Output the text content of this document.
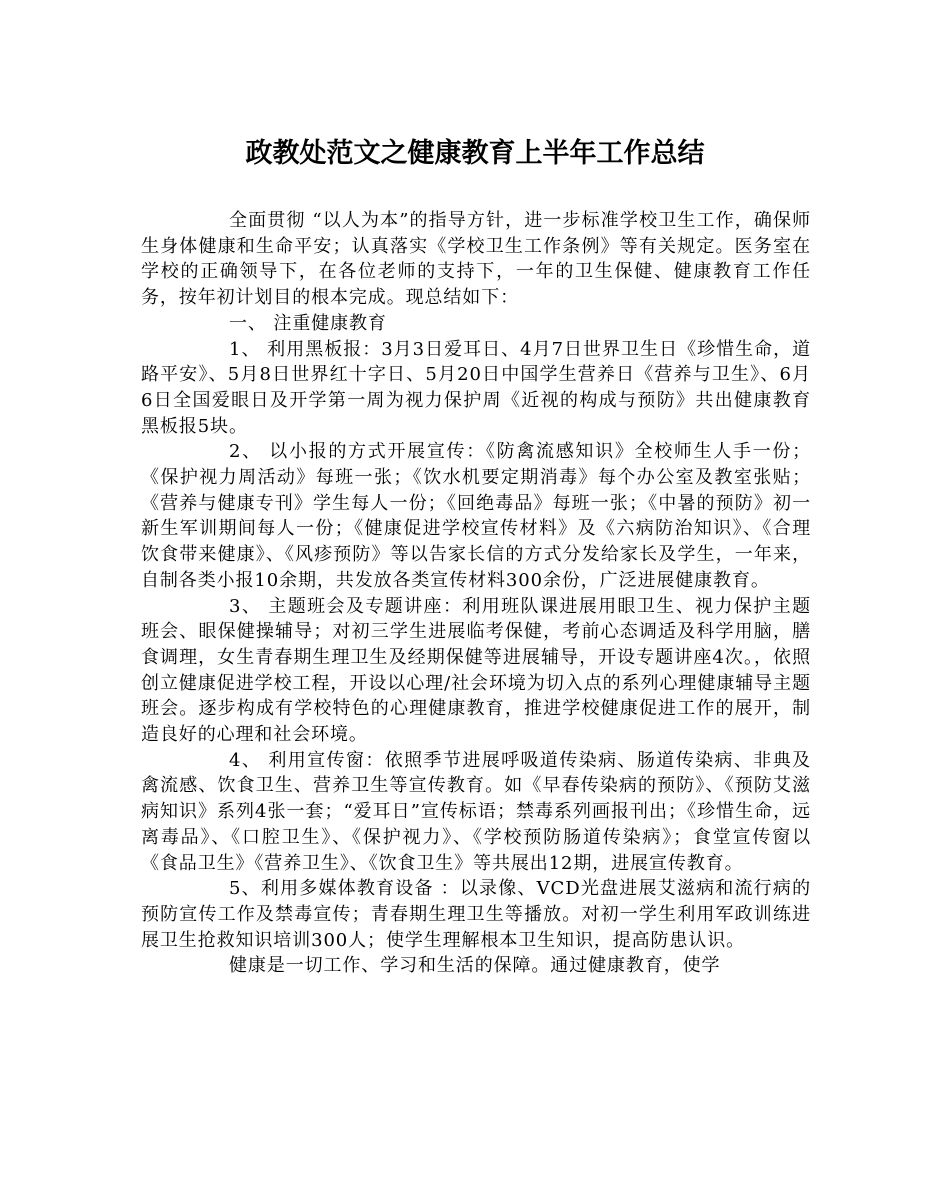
政教处范文之健康教育上半年工作总结

全面贯彻 “以人为本”的指导方针，进一步标准学校卫生工作，确保师生身体健康和生命平安；认真落实《学校卫生工作条例》等有关规定。医务室在学校的正确领导下，在各位老师的支持下，一年的卫生保健、健康教育工作任务，按年初计划目的根本完成。现总结如下：

一、 注重健康教育

1、 利用黑板报：3月3日爱耳日、4月7日世界卫生日《珍惜生命，道路平安》、5月8日世界红十字日、5月20日中国学生营养日《营养与卫生》、6月6日全国爱眼日及开学第一周为视力保护周《近视的构成与预防》共出健康教育黑板报5块。

2、 以小报的方式开展宣传：《防禽流感知识》全校师生人手一份；《保护视力周活动》每班一张；《饮水机要定期消毒》每个办公室及教室张贴；《营养与健康专刊》学生每人一份；《回绝毒品》每班一张；《中暑的预防》初一新生军训期间每人一份；《健康促进学校宣传材料》及《六病防治知识》、《合理饮食带来健康》、《风疹预防》等以告家长信的方式分发给家长及学生，一年来，自制各类小报10余期，共发放各类宣传材料300余份，广泛进展健康教育。

3、 主题班会及专题讲座：利用班队课进展用眼卫生、视力保护主题班会、眼保健操辅导；对初三学生进展临考保健，考前心态调适及科学用脑，膳食调理，女生青春期生理卫生及经期保健等进展辅导，开设专题讲座4次。，依照创立健康促进学校工程，开设以心理/社会环境为切入点的系列心理健康辅导主题班会。逐步构成有学校特色的心理健康教育，推进学校健康促进工作的展开，制造良好的心理和社会环境。

4、 利用宣传窗：依照季节进展呼吸道传染病、肠道传染病、非典及禽流感、饮食卫生、营养卫生等宣传教育。如《早春传染病的预防》、《预防艾滋病知识》系列4张一套；“爱耳日”宣传标语；禁毒系列画报刊出；《珍惜生命，远离毒品》、《口腔卫生》、《保护视力》、《学校预防肠道传染病》；食堂宣传窗以《食品卫生》《营养卫生》、《饮食卫生》等共展出12期，进展宣传教育。

5、利用多媒体教育设备 ：以录像、VCD光盘进展艾滋病和流行病的预防宣传工作及禁毒宣传；青春期生理卫生等播放。对初一学生利用军政训练进展卫生抢救知识培训300人；使学生理解根本卫生知识，提高防患认识。

健康是一切工作、学习和生活的保障。通过健康教育，使学
